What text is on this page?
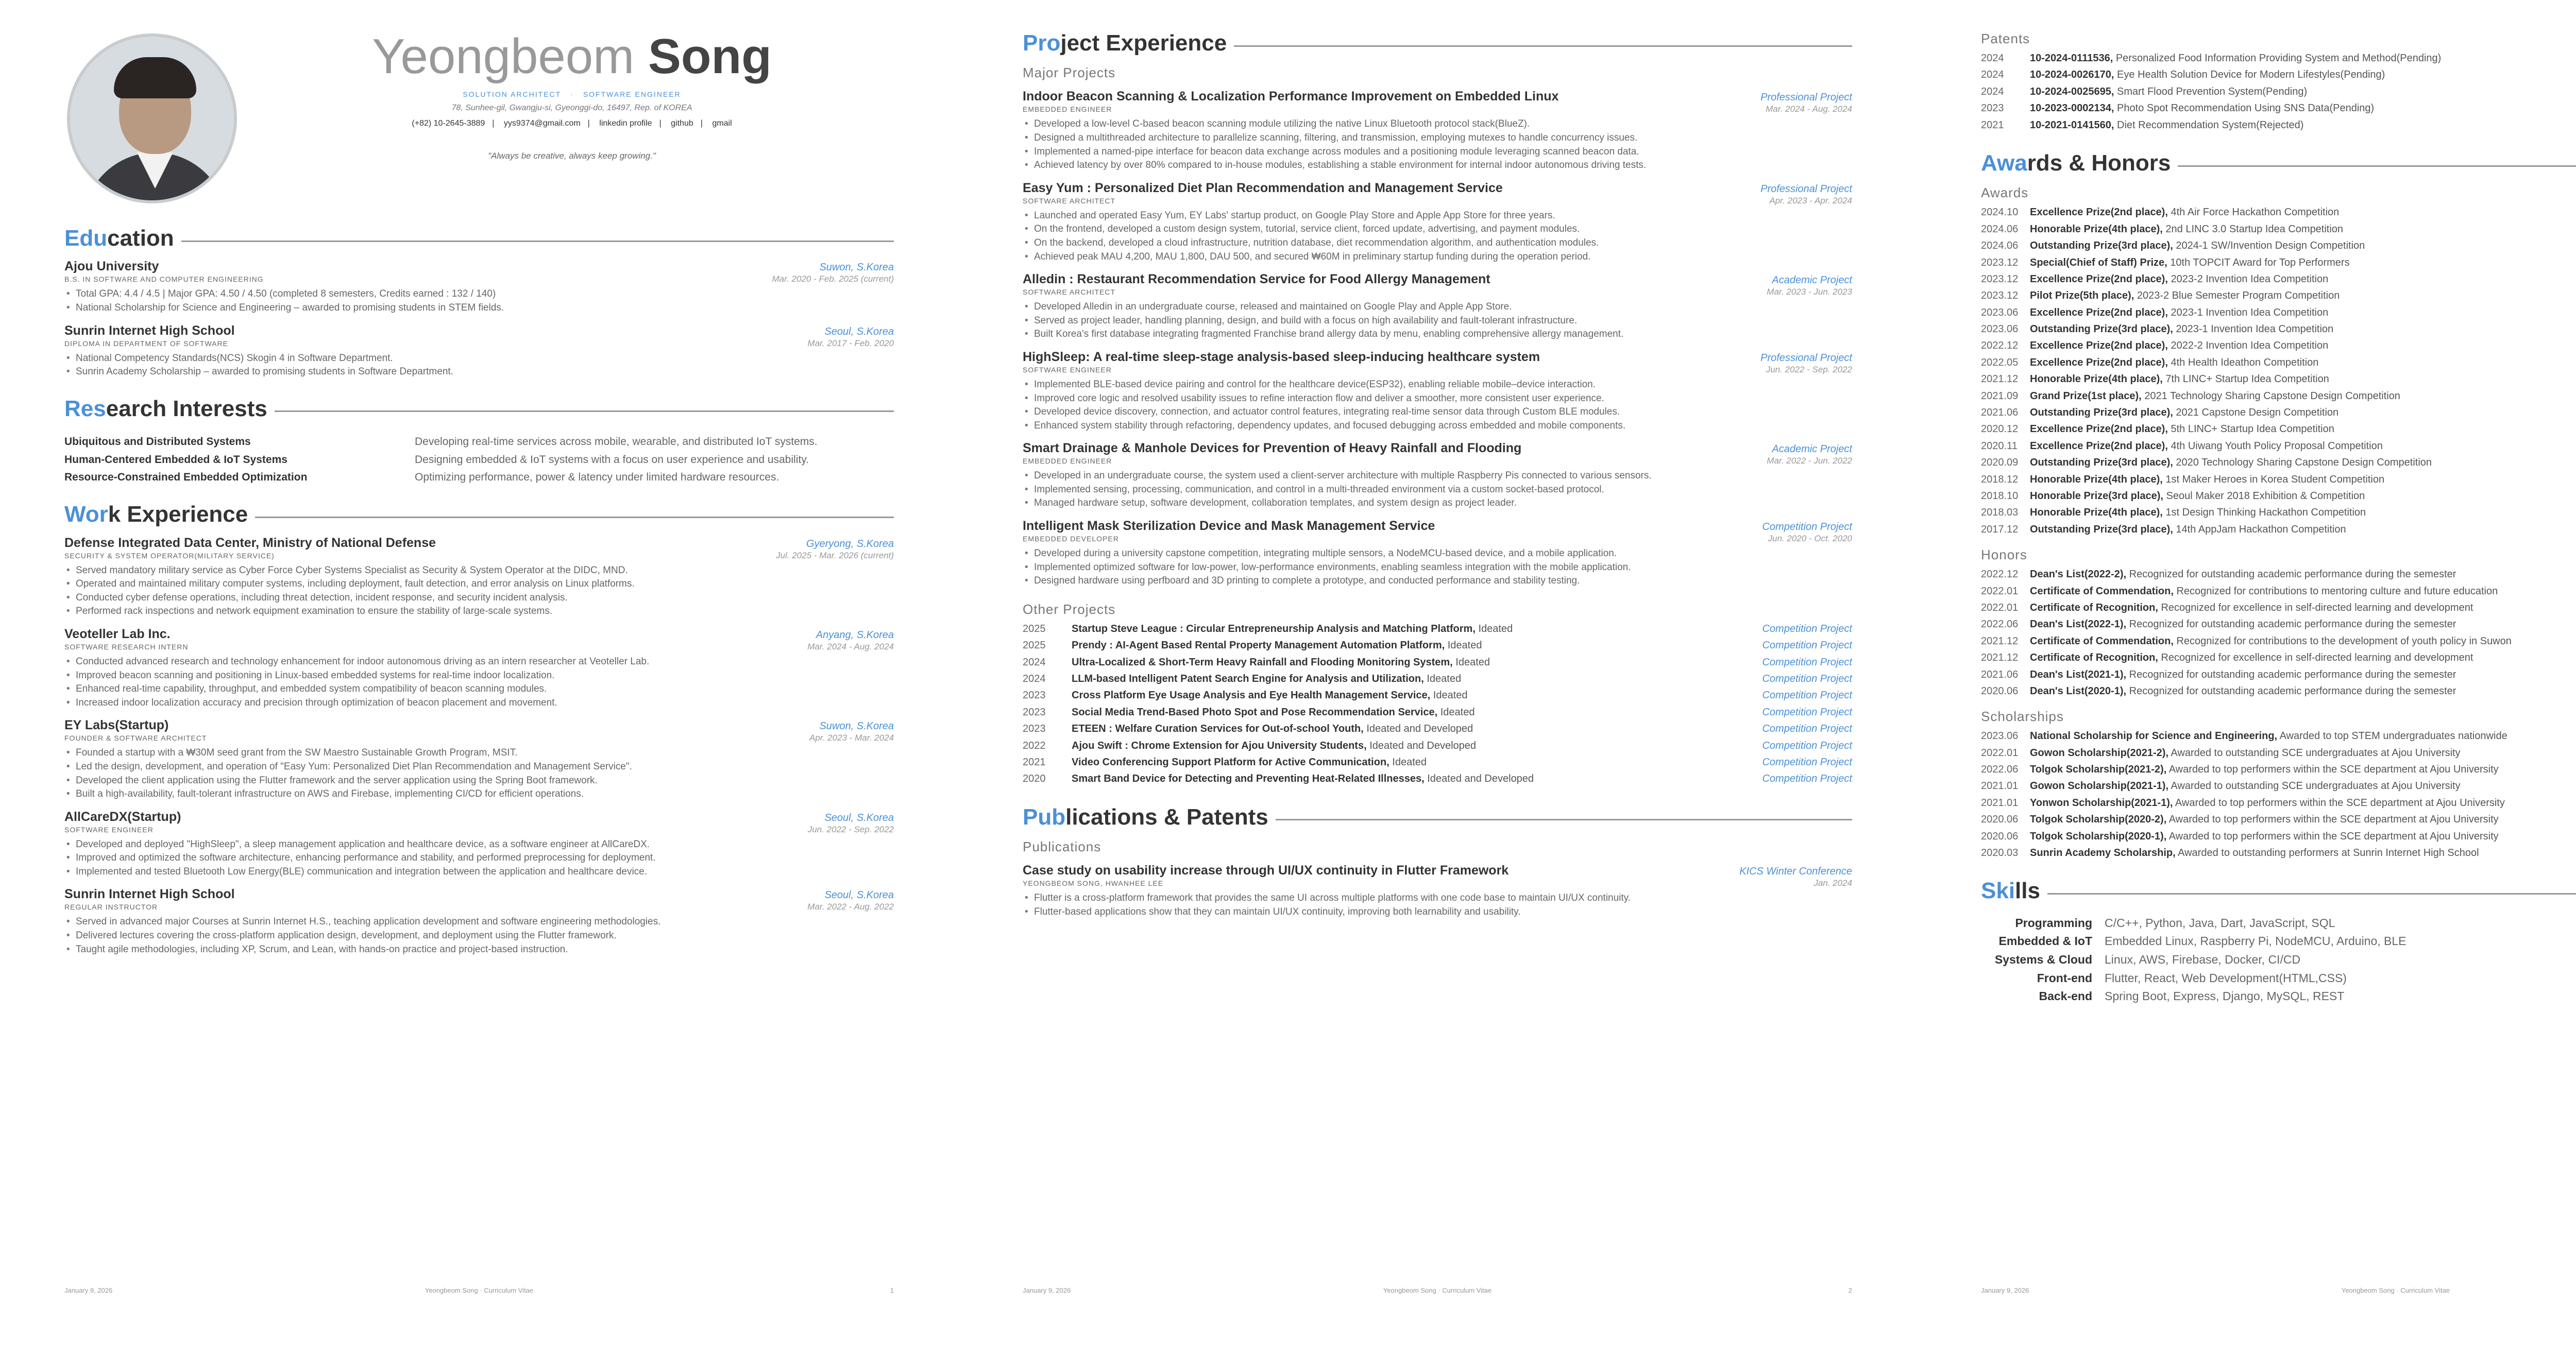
Yeongbeom Song
SOLUTION ARCHITECT · SOFTWARE ENGINEER
78, Sunhee-gil, Gwangju-si, Gyeonggi-do, 16497, Rep. of KOREA
(+82) 10-2645-3889 | yys9374@gmail.com | linkedin profile | github | gmail
"Always be creative, always keep growing."
Edu cation
Ajou University	Suwon, S.Korea
B.S. IN SOFTWARE AND COMPUTER ENGINEERING	Mar. 2020 - Feb. 2025 (current)
• Total GPA: 4.4 / 4.5 | Major GPA: 4.50 / 4.50 (completed 8 semesters, Credits earned : 132 / 140)
• National Scholarship for Science and Engineering – awarded to promising students in STEM fields.
Sunrin Internet High School	Seoul, S.Korea
DIPLOMA IN DEPARTMENT OF SOFTWARE	Mar. 2017 - Feb. 2020
• National Competency Standards(NCS) Skogin 4 in Software Department.
• Sunrin Academy Scholarship – awarded to promising students in Software Department.
Res earch Interests
Ubiquitous and Distributed Systems	Developing real-time services across mobile, wearable, and distributed IoT systems.
Human-Centered Embedded & IoT Systems	Designing embedded & IoT systems with a focus on user experience and usability.
Resource-Constrained Embedded Optimization	Optimizing performance, power & latency under limited hardware resources.
Wor k Experience
Defense Integrated Data Center, Ministry of National Defense	Gyeryong, S.Korea
SECURITY & SYSTEM OPERATOR(MILITARY SERVICE)	Jul. 2025 - Mar. 2026 (current)
• Served mandatory military service as Cyber Force Cyber Systems Specialist as Security & System Operator at the DIDC, MND.
• Operated and maintained military computer systems, including deployment, fault detection, and error analysis on Linux platforms.
• Conducted cyber defense operations, including threat detection, incident response, and security incident analysis.
• Performed rack inspections and network equipment examination to ensure the stability of large-scale systems.
Veoteller Lab Inc.	Anyang, S.Korea
SOFTWARE RESEARCH INTERN	Mar. 2024 - Aug. 2024
• Conducted advanced research and technology enhancement for indoor autonomous driving as an intern researcher at Veoteller Lab.
• Improved beacon scanning and positioning in Linux-based embedded systems for real-time indoor localization.
• Enhanced real-time capability, throughput, and embedded system compatibility of beacon scanning modules.
• Increased indoor localization accuracy and precision through optimization of beacon placement and movement.
EY Labs(Startup)	Suwon, S.Korea
FOUNDER & SOFTWARE ARCHITECT	Apr. 2023 - Mar. 2024
• Founded a startup with a ₩30M seed grant from the SW Maestro Sustainable Growth Program, MSIT.
• Led the design, development, and operation of "Easy Yum: Personalized Diet Plan Recommendation and Management Service".
• Developed the client application using the Flutter framework and the server application using the Spring Boot framework.
• Built a high-availability, fault-tolerant infrastructure on AWS and Firebase, implementing CI/CD for efficient operations.
AllCareDX(Startup)	Seoul, S.Korea
SOFTWARE ENGINEER	Jun. 2022 - Sep. 2022
• Developed and deployed "HighSleep", a sleep management application and healthcare device, as a software engineer at AllCareDX.
• Improved and optimized the software architecture, enhancing performance and stability, and performed preprocessing for deployment.
• Implemented and tested Bluetooth Low Energy(BLE) communication and integration between the application and healthcare device.
Sunrin Internet High School	Seoul, S.Korea
REGULAR INSTRUCTOR	Mar. 2022 - Aug. 2022
• Served in advanced major Courses at Sunrin Internet H.S., teaching application development and software engineering methodologies.
• Delivered lectures covering the cross-platform application design, development, and deployment using the Flutter framework.
• Taught agile methodologies, including XP, Scrum, and Lean, with hands-on practice and project-based instruction.
January 9, 2026	Yeongbeom Song · Curriculum Vitae	1
Pro ject Experience
Major Projects
Indoor Beacon Scanning & Localization Performance Improvement on Embedded Linux	Professional Project
EMBEDDED ENGINEER	Mar. 2024 - Aug. 2024
• Developed a low-level C-based beacon scanning module utilizing the native Linux Bluetooth protocol stack(BlueZ).
• Designed a multithreaded architecture to parallelize scanning, filtering, and transmission, employing mutexes to handle concurrency issues.
• Implemented a named-pipe interface for beacon data exchange across modules and a positioning module leveraging scanned beacon data.
• Achieved latency by over 80% compared to in-house modules, establishing a stable environment for internal indoor autonomous driving tests.
Easy Yum : Personalized Diet Plan Recommendation and Management Service	Professional Project
SOFTWARE ARCHITECT	Apr. 2023 - Apr. 2024
• Launched and operated Easy Yum, EY Labs' startup product, on Google Play Store and Apple App Store for three years.
• On the frontend, developed a custom design system, tutorial, service client, forced update, advertising, and payment modules.
• On the backend, developed a cloud infrastructure, nutrition database, diet recommendation algorithm, and authentication modules.
• Achieved peak MAU 4,200, MAU 1,800, DAU 500, and secured ₩60M in preliminary startup funding during the operation period.
Alledin : Restaurant Recommendation Service for Food Allergy Management	Academic Project
SOFTWARE ARCHITECT	Mar. 2023 - Jun. 2023
• Developed Alledin in an undergraduate course, released and maintained on Google Play and Apple App Store.
• Served as project leader, handling planning, design, and build with a focus on high availability and fault-tolerant infrastructure.
• Built Korea's first database integrating fragmented Franchise brand allergy data by menu, enabling comprehensive allergy management.
HighSleep: A real-time sleep-stage analysis-based sleep-inducing healthcare system	Professional Project
SOFTWARE ENGINEER	Jun. 2022 - Sep. 2022
• Implemented BLE-based device pairing and control for the healthcare device(ESP32), enabling reliable mobile–device interaction.
• Improved core logic and resolved usability issues to refine interaction flow and deliver a smoother, more consistent user experience.
• Developed device discovery, connection, and actuator control features, integrating real-time sensor data through Custom BLE modules.
• Enhanced system stability through refactoring, dependency updates, and focused debugging across embedded and mobile components.
Smart Drainage & Manhole Devices for Prevention of Heavy Rainfall and Flooding	Academic Project
EMBEDDED ENGINEER	Mar. 2022 - Jun. 2022
• Developed in an undergraduate course, the system used a client-server architecture with multiple Raspberry Pis connected to various sensors.
• Implemented sensing, processing, communication, and control in a multi-threaded environment via a custom socket-based protocol.
• Managed hardware setup, software development, collaboration templates, and system design as project leader.
Intelligent Mask Sterilization Device and Mask Management Service	Competition Project
EMBEDDED DEVELOPER	Jun. 2020 - Oct. 2020
• Developed during a university capstone competition, integrating multiple sensors, a NodeMCU-based device, and a mobile application.
• Implemented optimized software for low-power, low-performance environments, enabling seamless integration with the mobile application.
• Designed hardware using perfboard and 3D printing to complete a prototype, and conducted performance and stability testing.
Other Projects
2025	Startup Steve League : Circular Entrepreneurship Analysis and Matching Platform, Ideated	Competition Project
2025	Prendy : AI-Agent Based Rental Property Management Automation Platform, Ideated	Competition Project
2024	Ultra-Localized & Short-Term Heavy Rainfall and Flooding Monitoring System, Ideated	Competition Project
2024	LLM-based Intelligent Patent Search Engine for Analysis and Utilization, Ideated	Competition Project
2023	Cross Platform Eye Usage Analysis and Eye Health Management Service, Ideated	Competition Project
2023	Social Media Trend-Based Photo Spot and Pose Recommendation Service, Ideated	Competition Project
2023	ETEEN : Welfare Curation Services for Out-of-school Youth, Ideated and Developed	Competition Project
2022	Ajou Swift : Chrome Extension for Ajou University Students, Ideated and Developed	Competition Project
2021	Video Conferencing Support Platform for Active Communication, Ideated	Competition Project
2020	Smart Band Device for Detecting and Preventing Heat-Related Illnesses, Ideated and Developed	Competition Project
Pub lications & Patents
Publications
Case study on usability increase through UI/UX continuity in Flutter Framework	KICS Winter Conference
YEONGBEOM SONG, HWANHEE LEE	Jan. 2024
• Flutter is a cross-platform framework that provides the same UI across multiple platforms with one code base to maintain UI/UX continuity.
• Flutter-based applications show that they can maintain UI/UX continuity, improving both learnability and usability.
January 9, 2026	Yeongbeom Song · Curriculum Vitae	2
Patents
2024	10-2024-0111536, Personalized Food Information Providing System and Method(Pending)
2024	10-2024-0026170, Eye Health Solution Device for Modern Lifestyles(Pending)
2024	10-2024-0025695, Smart Flood Prevention System(Pending)
2023	10-2023-0002134, Photo Spot Recommendation Using SNS Data(Pending)
2021	10-2021-0141560, Diet Recommendation System(Rejected)
Awa rds & Honors
Awards
2024.10	Excellence Prize(2nd place), 4th Air Force Hackathon Competition
2024.06	Honorable Prize(4th place), 2nd LINC 3.0 Startup Idea Competition
2024.06	Outstanding Prize(3rd place), 2024-1 SW/Invention Design Competition
2023.12	Special(Chief of Staff) Prize, 10th TOPCIT Award for Top Performers
2023.12	Excellence Prize(2nd place), 2023-2 Invention Idea Competition
2023.12	Pilot Prize(5th place), 2023-2 Blue Semester Program Competition
2023.06	Excellence Prize(2nd place), 2023-1 Invention Idea Competition
2023.06	Outstanding Prize(3rd place), 2023-1 Invention Idea Competition
2022.12	Excellence Prize(2nd place), 2022-2 Invention Idea Competition
2022.05	Excellence Prize(2nd place), 4th Health Ideathon Competition
2021.12	Honorable Prize(4th place), 7th LINC+ Startup Idea Competition
2021.09	Grand Prize(1st place), 2021 Technology Sharing Capstone Design Competition
2021.06	Outstanding Prize(3rd place), 2021 Capstone Design Competition
2020.12	Excellence Prize(2nd place), 5th LINC+ Startup Idea Competition
2020.11	Excellence Prize(2nd place), 4th Uiwang Youth Policy Proposal Competition
2020.09	Outstanding Prize(3rd place), 2020 Technology Sharing Capstone Design Competition
2018.12	Honorable Prize(4th place), 1st Maker Heroes in Korea Student Competition
2018.10	Honorable Prize(3rd place), Seoul Maker 2018 Exhibition & Competition
2018.03	Honorable Prize(4th place), 1st Design Thinking Hackathon Competition
2017.12	Outstanding Prize(3rd place), 14th AppJam Hackathon Competition
Honors
2022.12	Dean's List(2022-2), Recognized for outstanding academic performance during the semester
2022.01	Certificate of Commendation, Recognized for contributions to mentoring culture and future education
2022.01	Certificate of Recognition, Recognized for excellence in self-directed learning and development
2022.06	Dean's List(2022-1), Recognized for outstanding academic performance during the semester
2021.12	Certificate of Commendation, Recognized for contributions to the development of youth policy in Suwon
2021.12	Certificate of Recognition, Recognized for excellence in self-directed learning and development
2021.06	Dean's List(2021-1), Recognized for outstanding academic performance during the semester
2020.06	Dean's List(2020-1), Recognized for outstanding academic performance during the semester
Scholarships
2023.06	National Scholarship for Science and Engineering, Awarded to top STEM undergraduates nationwide
2022.01	Gowon Scholarship(2021-2), Awarded to outstanding SCE undergraduates at Ajou University
2022.06	Tolgok Scholarship(2021-2), Awarded to top performers within the SCE department at Ajou University
2021.01	Gowon Scholarship(2021-1), Awarded to outstanding SCE undergraduates at Ajou University
2021.01	Yonwon Scholarship(2021-1), Awarded to top performers within the SCE department at Ajou University
2020.06	Tolgok Scholarship(2020-2), Awarded to top performers within the SCE department at Ajou University
2020.06	Tolgok Scholarship(2020-1), Awarded to top performers within the SCE department at Ajou University
2020.03	Sunrin Academy Scholarship, Awarded to outstanding performers at Sunrin Internet High School
Ski lls
Programming	C/C++, Python, Java, Dart, JavaScript, SQL
Embedded & IoT	Embedded Linux, Raspberry Pi, NodeMCU, Arduino, BLE
Systems & Cloud	Linux, AWS, Firebase, Docker, CI/CD
Front-end	Flutter, React, Web Development(HTML,CSS)
Back-end	Spring Boot, Express, Django, MySQL, REST
January 9, 2026	Yeongbeom Song · Curriculum Vitae
